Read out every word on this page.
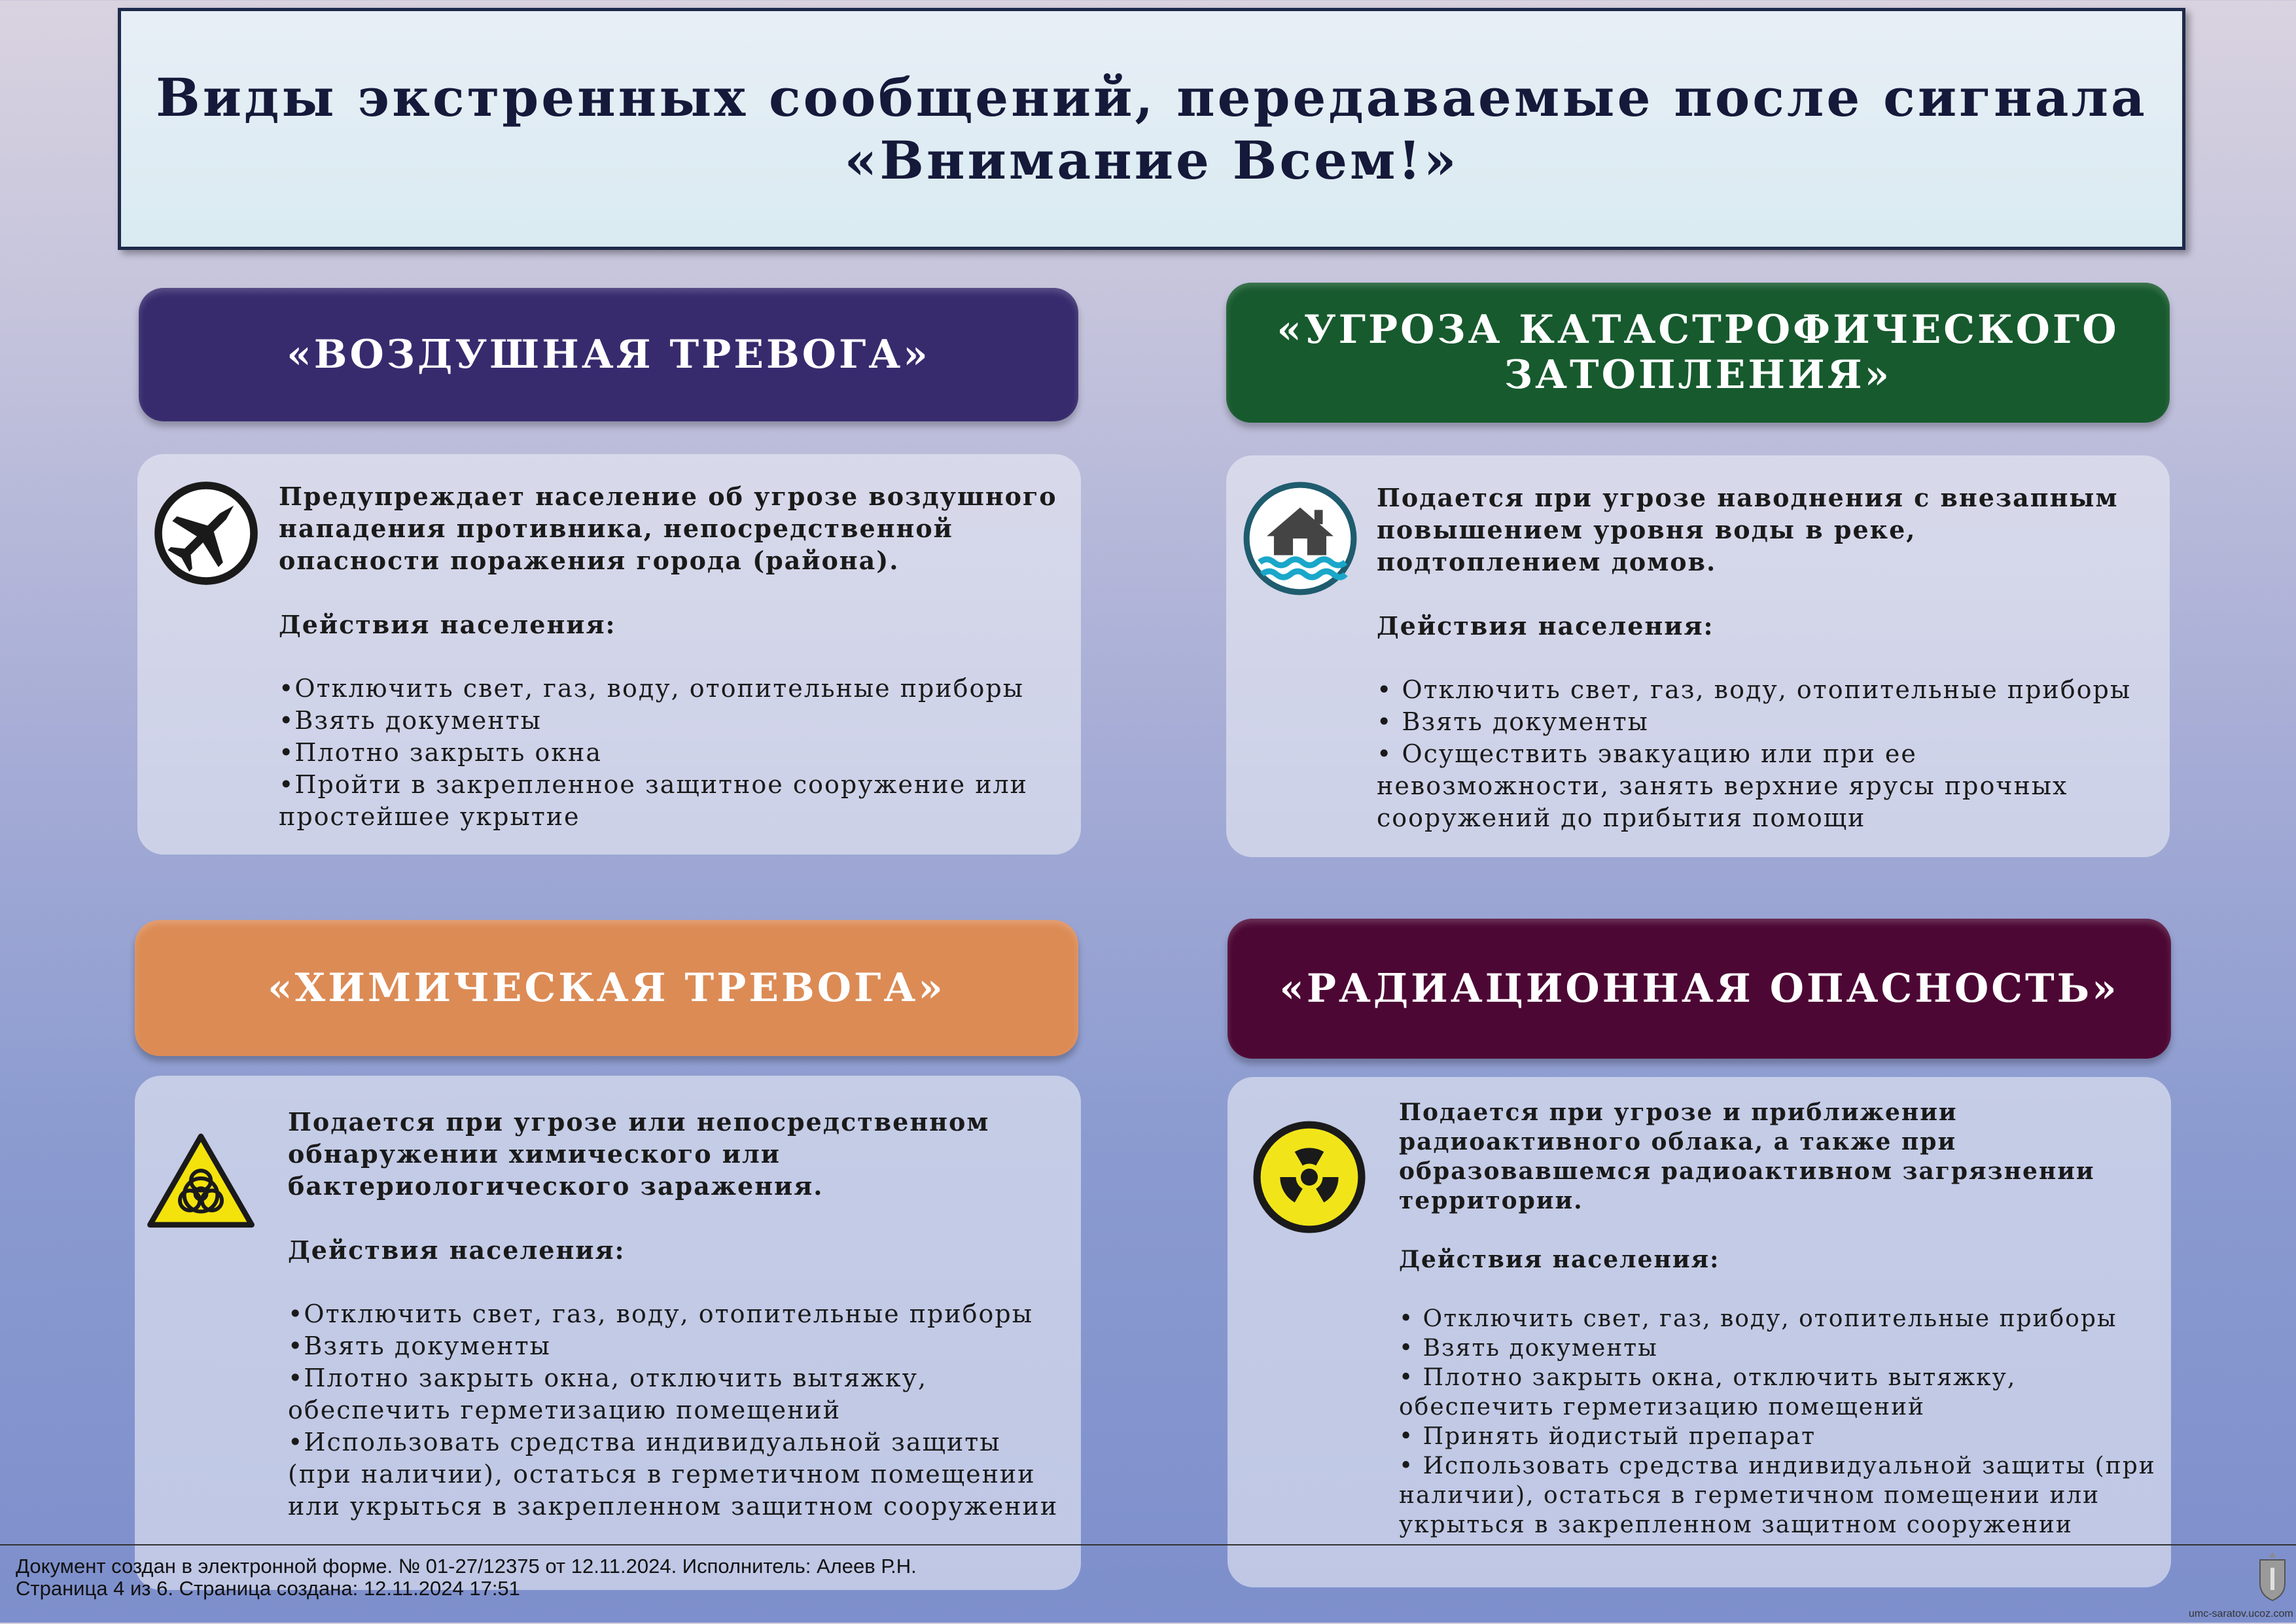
Виды экстренных сообщений, передаваемые после сигнала
«Внимание Всем!»
«ВОЗДУШНАЯ ТРЕВОГА»

Предупреждает население об угрозе воздушного нападения противника, непосредственной опасности поражения города (района).

Действия населения:

•Отключить свет, газ, воду, отопительные приборы
•Взять документы
•Плотно закрыть окна
•Пройти в закрепленное защитное сооружение или простейшее укрытие
«УГРОЗА КАТАСТРОФИЧЕСКОГО
ЗАТОПЛЕНИЯ»

Подается при угрозе наводнения с внезапным повышением уровня воды в реке, подтоплением домов.

Действия населения:

• Отключить свет, газ, воду, отопительные приборы
• Взять документы
• Осуществить эвакуацию или при ее невозможности, занять верхние ярусы прочных сооружений до прибытия помощи
«ХИМИЧЕСКАЯ ТРЕВОГА»

Подается при угрозе или непосредственном обнаружении химического или бактериологического заражения.

Действия населения:

•Отключить свет, газ, воду, отопительные приборы
•Взять документы
•Плотно закрыть окна, отключить вытяжку, обеспечить герметизацию помещений
•Использовать средства индивидуальной защиты (при наличии), остаться в герметичном помещении или укрыться в закрепленном защитном сооружении
«РАДИАЦИОННАЯ ОПАСНОСТЬ»

Подается при угрозе и приближении радиоактивного облака, а также при образовавшемся радиоактивном загрязнении территории.

Действия населения:

• Отключить свет, газ, воду, отопительные приборы
• Взять документы
• Плотно закрыть окна, отключить вытяжку, обеспечить герметизацию помещений
• Принять йодистый препарат
• Использовать средства индивидуальной защиты (при наличии), остаться в герметичном помещении или укрыться в закрепленном защитном сооружении
Документ создан в электронной форме. № 01-27/12375 от 12.11.2024. Исполнитель: Алеев Р.Н.
Страница 4 из 6. Страница создана: 12.11.2024 17:51
umc-saratov.ucoz.com
